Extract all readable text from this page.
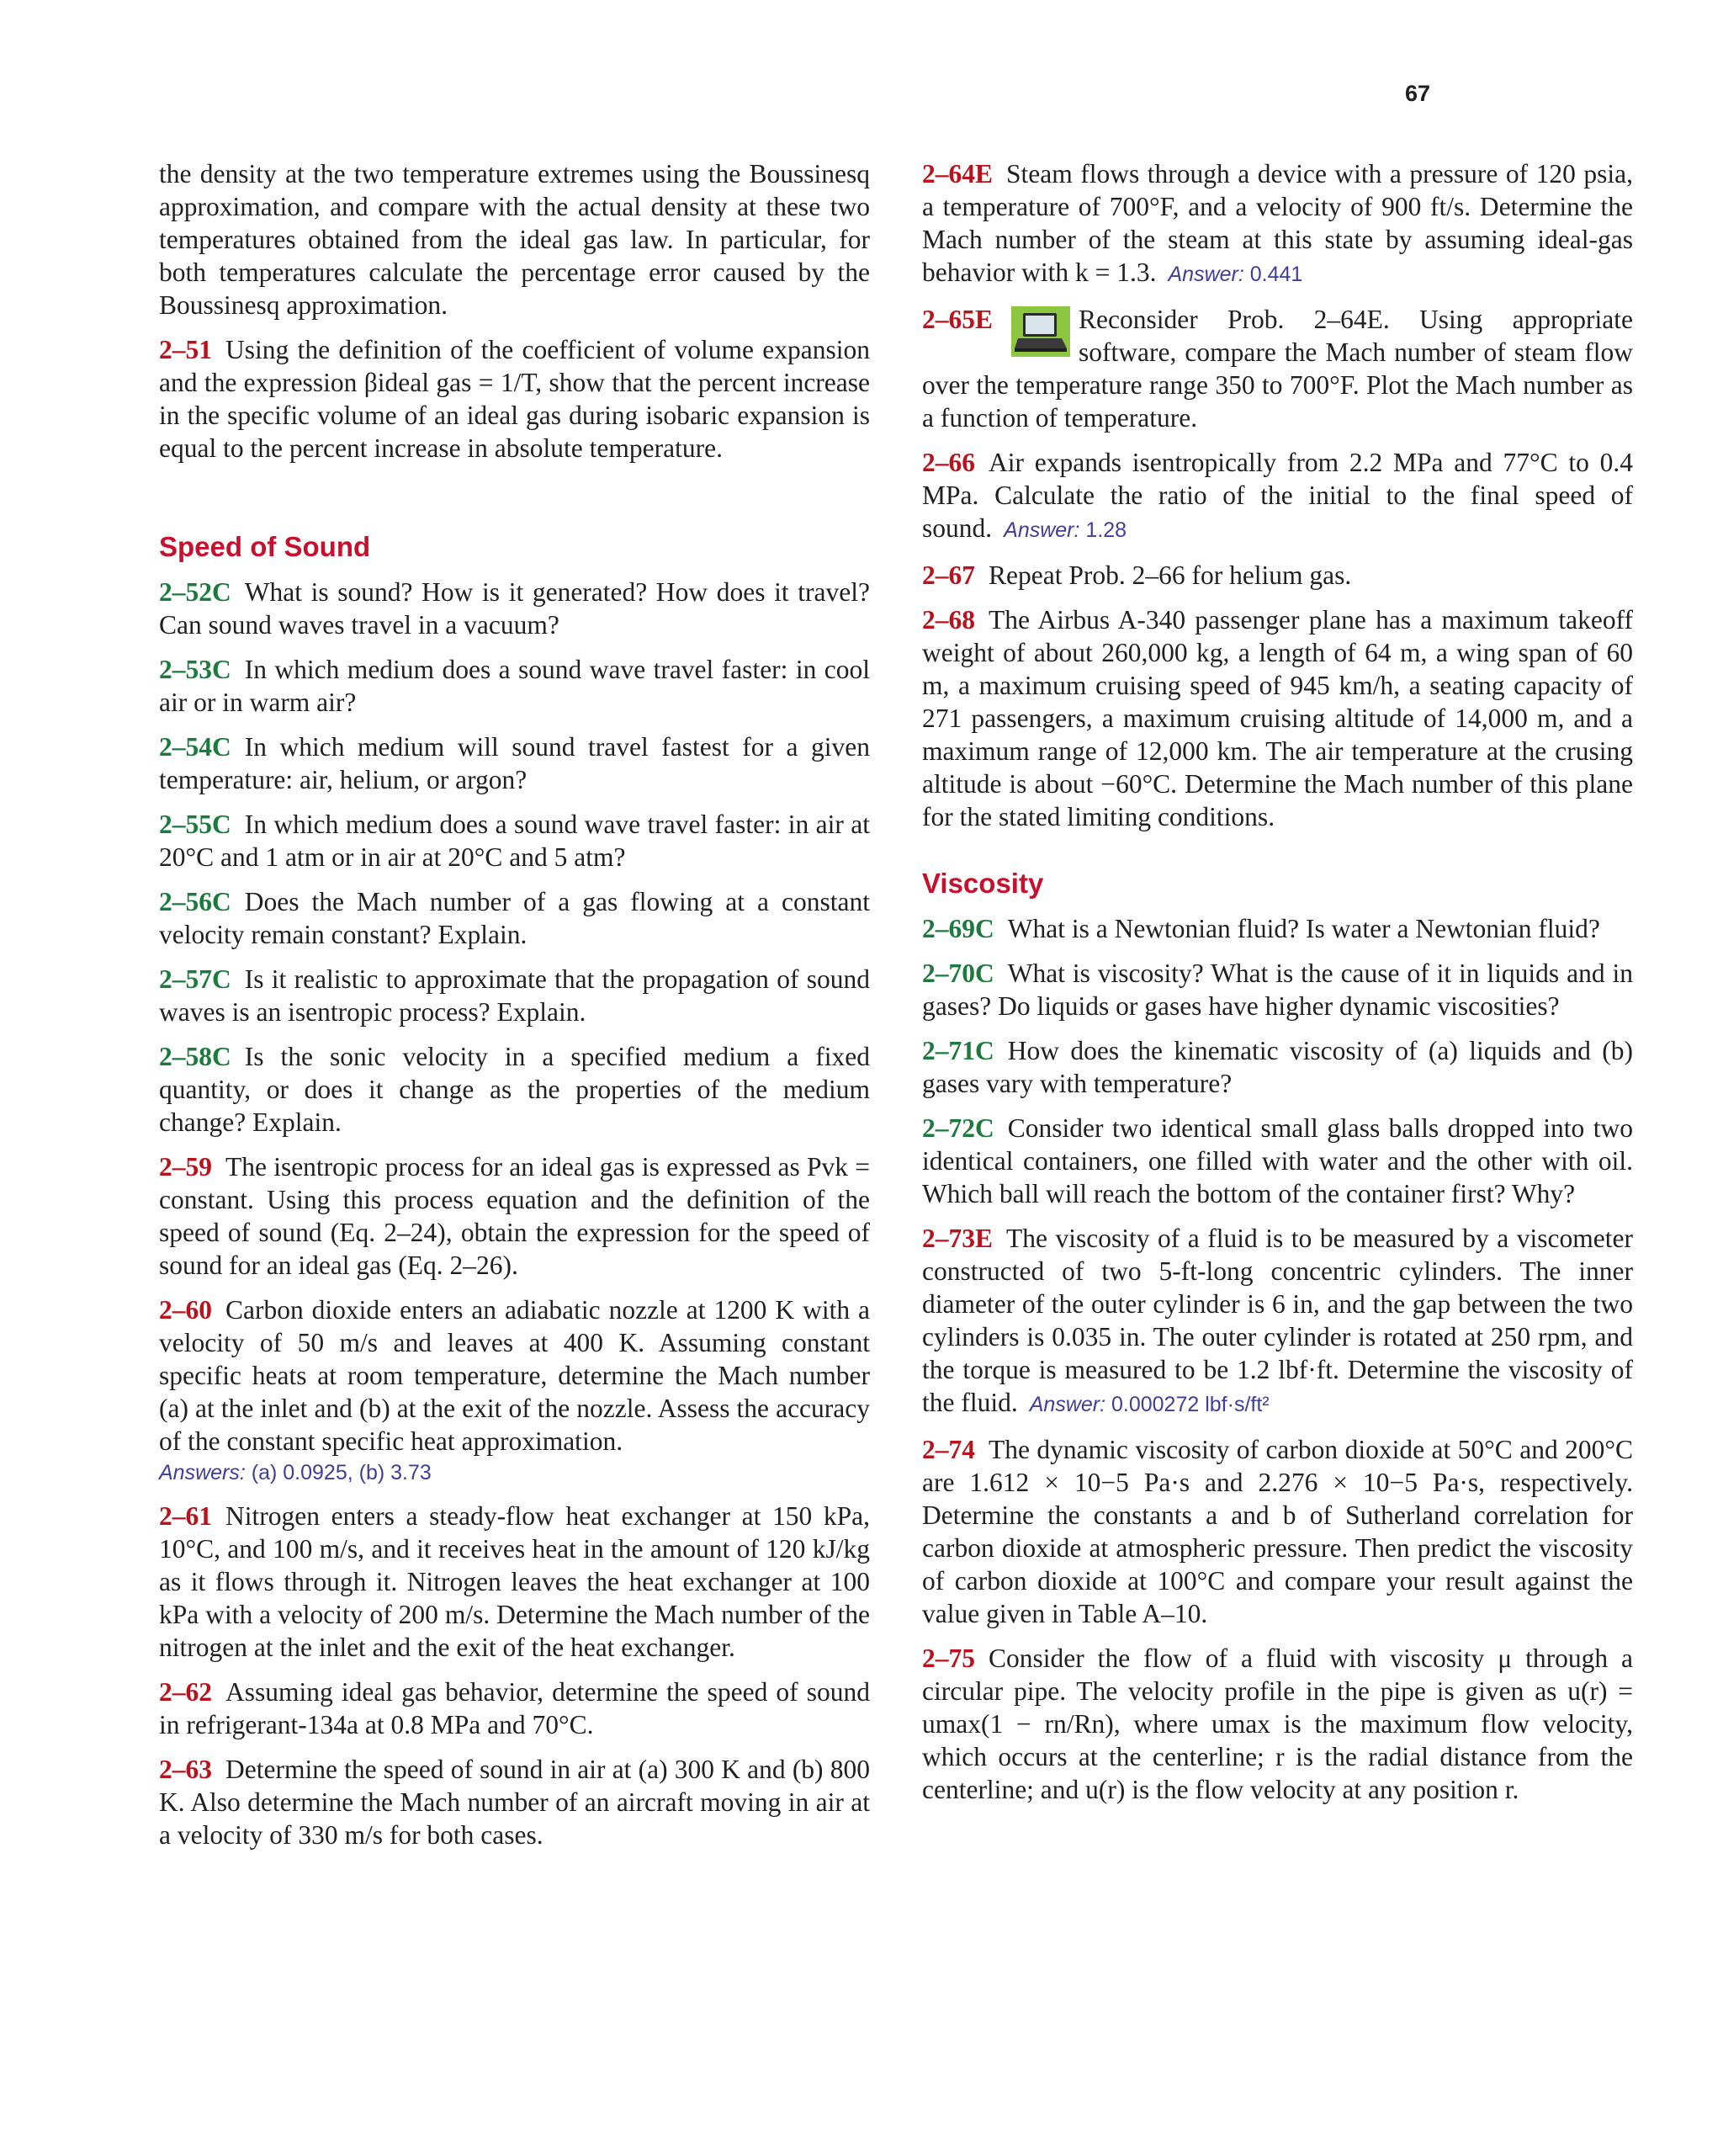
67

the density at the two temperature extremes using the Boussinesq approximation, and compare with the actual density at these two temperatures obtained from the ideal gas law. In particular, for both temperatures calculate the percentage error caused by the Boussinesq approximation.

2–51 Using the definition of the coefficient of volume expansion and the expression βideal gas = 1/T, show that the percent increase in the specific volume of an ideal gas during isobaric expansion is equal to the percent increase in absolute temperature.

Speed of Sound

2–52C What is sound? How is it generated? How does it travel? Can sound waves travel in a vacuum?

2–53C In which medium does a sound wave travel faster: in cool air or in warm air?

2–54C In which medium will sound travel fastest for a given temperature: air, helium, or argon?

2–55C In which medium does a sound wave travel faster: in air at 20°C and 1 atm or in air at 20°C and 5 atm?

2–56C Does the Mach number of a gas flowing at a constant velocity remain constant? Explain.

2–57C Is it realistic to approximate that the propagation of sound waves is an isentropic process? Explain.

2–58C Is the sonic velocity in a specified medium a fixed quantity, or does it change as the properties of the medium change? Explain.

2–59 The isentropic process for an ideal gas is expressed as Pvk = constant. Using this process equation and the definition of the speed of sound (Eq. 2–24), obtain the expression for the speed of sound for an ideal gas (Eq. 2–26).

2–60 Carbon dioxide enters an adiabatic nozzle at 1200 K with a velocity of 50 m/s and leaves at 400 K. Assuming constant specific heats at room temperature, determine the Mach number (a) at the inlet and (b) at the exit of the nozzle. Assess the accuracy of the constant specific heat approximation.
Answers: (a) 0.0925, (b) 3.73

2–61 Nitrogen enters a steady-flow heat exchanger at 150 kPa, 10°C, and 100 m/s, and it receives heat in the amount of 120 kJ/kg as it flows through it. Nitrogen leaves the heat exchanger at 100 kPa with a velocity of 200 m/s. Determine the Mach number of the nitrogen at the inlet and the exit of the heat exchanger.

2–62 Assuming ideal gas behavior, determine the speed of sound in refrigerant-134a at 0.8 MPa and 70°C.

2–63 Determine the speed of sound in air at (a) 300 K and (b) 800 K. Also determine the Mach number of an aircraft moving in air at a velocity of 330 m/s for both cases.

2–64E Steam flows through a device with a pressure of 120 psia, a temperature of 700°F, and a velocity of 900 ft/s. Determine the Mach number of the steam at this state by assuming ideal-gas behavior with k = 1.3. Answer: 0.441

2–65E	Reconsider Prob. 2–64E. Using appropriate software, compare the Mach number of steam flow over the temperature range 350 to 700°F. Plot the Mach number as a function of temperature.

2–66 Air expands isentropically from 2.2 MPa and 77°C to 0.4 MPa. Calculate the ratio of the initial to the final speed of sound. Answer: 1.28

2–67 Repeat Prob. 2–66 for helium gas.

2–68 The Airbus A-340 passenger plane has a maximum takeoff weight of about 260,000 kg, a length of 64 m, a wing span of 60 m, a maximum cruising speed of 945 km/h, a seating capacity of 271 passengers, a maximum cruising altitude of 14,000 m, and a maximum range of 12,000 km. The air temperature at the crusing altitude is about −60°C. Determine the Mach number of this plane for the stated limiting conditions.

Viscosity

2–69C What is a Newtonian fluid? Is water a Newtonian fluid?

2–70C What is viscosity? What is the cause of it in liquids and in gases? Do liquids or gases have higher dynamic viscosities?

2–71C How does the kinematic viscosity of (a) liquids and (b) gases vary with temperature?

2–72C Consider two identical small glass balls dropped into two identical containers, one filled with water and the other with oil. Which ball will reach the bottom of the container first? Why?

2–73E The viscosity of a fluid is to be measured by a viscometer constructed of two 5-ft-long concentric cylinders. The inner diameter of the outer cylinder is 6 in, and the gap between the two cylinders is 0.035 in. The outer cylinder is rotated at 250 rpm, and the torque is measured to be 1.2 lbf·ft. Determine the viscosity of the fluid. Answer: 0.000272 lbf·s/ft²

2–74 The dynamic viscosity of carbon dioxide at 50°C and 200°C are 1.612 × 10−5 Pa·s and 2.276 × 10−5 Pa·s, respectively. Determine the constants a and b of Sutherland correlation for carbon dioxide at atmospheric pressure. Then predict the viscosity of carbon dioxide at 100°C and compare your result against the value given in Table A–10.

2–75 Consider the flow of a fluid with viscosity μ through a circular pipe. The velocity profile in the pipe is given as u(r) = umax(1 − rn/Rn), where umax is the maximum flow velocity, which occurs at the centerline; r is the radial distance from the centerline; and u(r) is the flow velocity at any position r.
